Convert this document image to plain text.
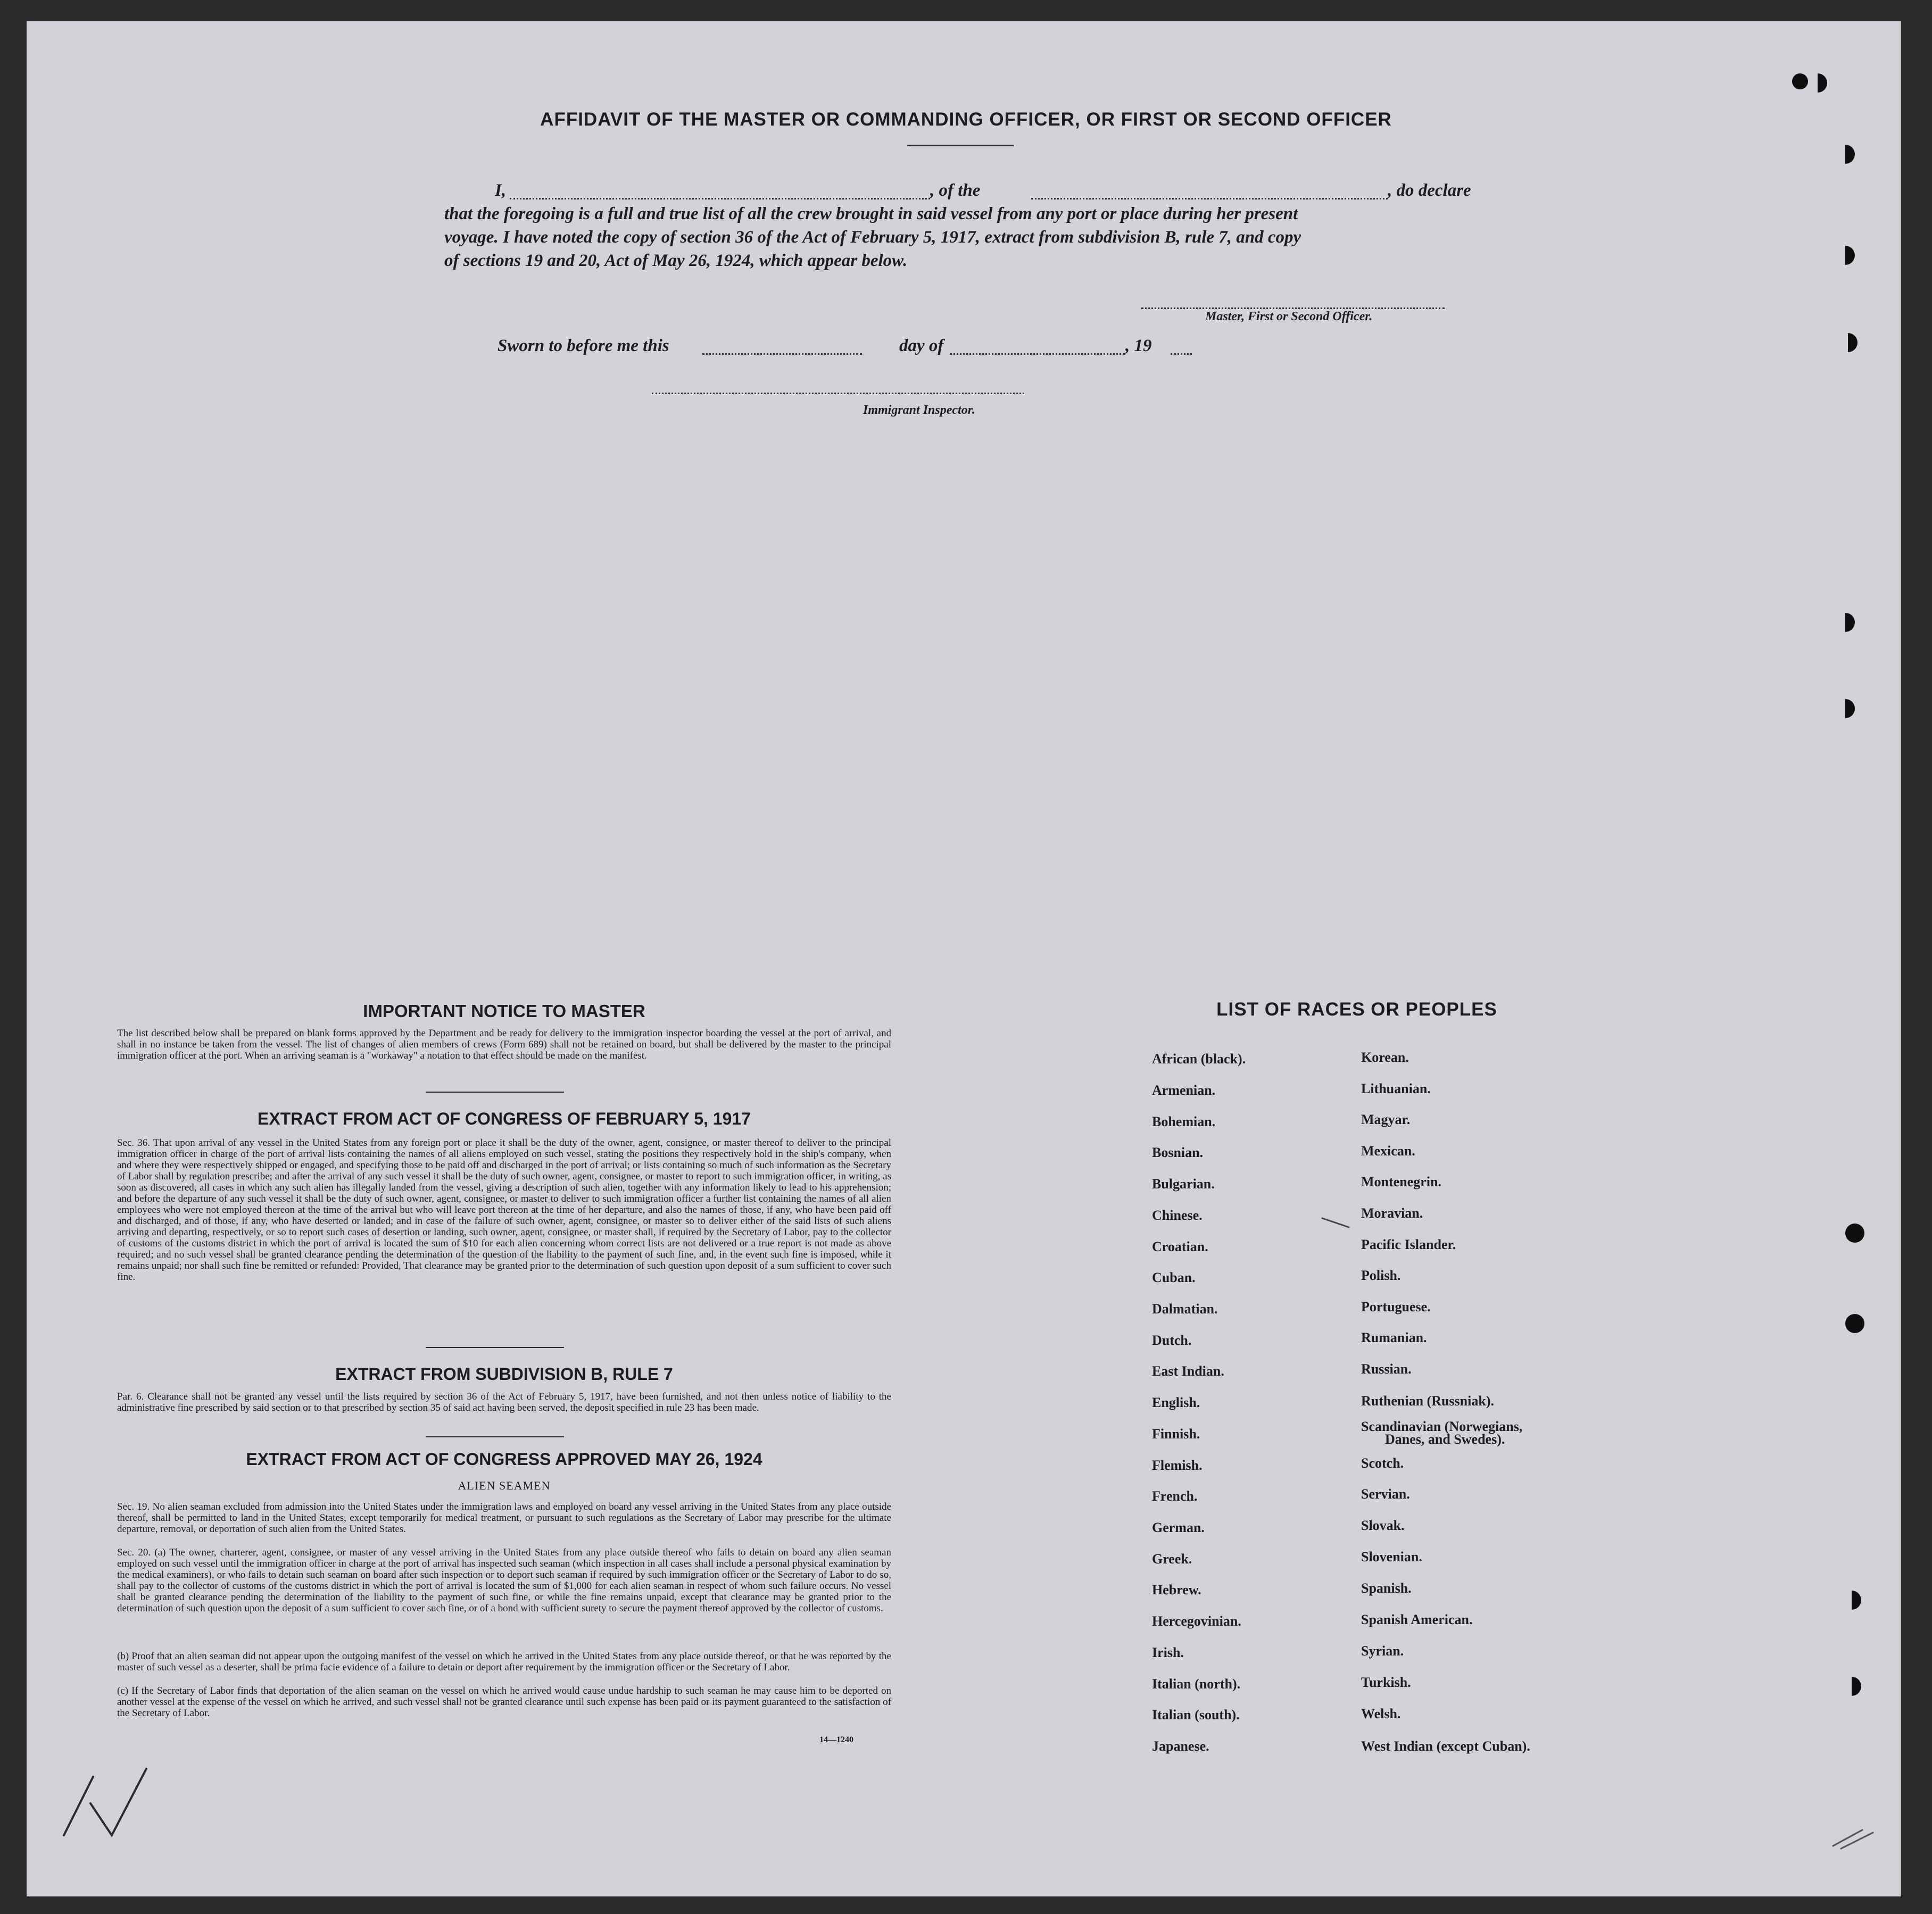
AFFIDAVIT OF THE MASTER OR COMMANDING OFFICER, OR FIRST OR SECOND OFFICER
I,	, of the	, do declare
that the foregoing is a full and true list of all the crew brought in said vessel from any port or place during her present
voyage. I have noted the copy of section 36 of the Act of February 5, 1917, extract from subdivision B, rule 7, and copy
of sections 19 and 20, Act of May 26, 1924, which appear below.
Master, First or Second Officer.
Sworn to before me this	day of	, 19
Immigrant Inspector.
IMPORTANT NOTICE TO MASTER
The list described below shall be prepared on blank forms approved by the Department and be ready for delivery to the immigration inspector boarding the vessel at the port of arrival, and shall in no instance be taken from the vessel. The list of changes of alien members of crews (Form 689) shall not be retained on board, but shall be delivered by the master to the principal immigration officer at the port. When an arriving seaman is a "workaway" a notation to that effect should be made on the manifest.
EXTRACT FROM ACT OF CONGRESS OF FEBRUARY 5, 1917
Sec. 36. That upon arrival of any vessel in the United States from any foreign port or place it shall be the duty of the owner, agent, consignee, or master thereof to deliver to the principal immigration officer in charge of the port of arrival lists containing the names of all aliens employed on such vessel, stating the positions they respectively hold in the ship's company, when and where they were respectively shipped or engaged, and specifying those to be paid off and discharged in the port of arrival; or lists containing so much of such information as the Secretary of Labor shall by regulation prescribe; and after the arrival of any such vessel it shall be the duty of such owner, agent, consignee, or master to report to such immigration officer, in writing, as soon as discovered, all cases in which any such alien has illegally landed from the vessel, giving a description of such alien, together with any information likely to lead to his apprehension; and before the departure of any such vessel it shall be the duty of such owner, agent, consignee, or master to deliver to such immigration officer a further list containing the names of all alien employees who were not employed thereon at the time of the arrival but who will leave port thereon at the time of her departure, and also the names of those, if any, who have been paid off and discharged, and of those, if any, who have deserted or landed; and in case of the failure of such owner, agent, consignee, or master so to deliver either of the said lists of such aliens arriving and departing, respectively, or so to report such cases of desertion or landing, such owner, agent, consignee, or master shall, if required by the Secretary of Labor, pay to the collector of customs of the customs district in which the port of arrival is located the sum of $10 for each alien concerning whom correct lists are not delivered or a true report is not made as above required; and no such vessel shall be granted clearance pending the determination of the question of the liability to the payment of such fine, and, in the event such fine is imposed, while it remains unpaid; nor shall such fine be remitted or refunded: Provided, That clearance may be granted prior to the determination of such question upon deposit of a sum sufficient to cover such fine.
EXTRACT FROM SUBDIVISION B, RULE 7
Par. 6. Clearance shall not be granted any vessel until the lists required by section 36 of the Act of February 5, 1917, have been furnished, and not then unless notice of liability to the administrative fine prescribed by said section or to that prescribed by section 35 of said act having been served, the deposit specified in rule 23 has been made.
EXTRACT FROM ACT OF CONGRESS APPROVED MAY 26, 1924
ALIEN SEAMEN
Sec. 19. No alien seaman excluded from admission into the United States under the immigration laws and employed on board any vessel arriving in the United States from any place outside thereof, shall be permitted to land in the United States, except temporarily for medical treatment, or pursuant to such regulations as the Secretary of Labor may prescribe for the ultimate departure, removal, or deportation of such alien from the United States.
Sec. 20. (a) The owner, charterer, agent, consignee, or master of any vessel arriving in the United States from any place outside thereof who fails to detain on board any alien seaman employed on such vessel until the immigration officer in charge at the port of arrival has inspected such seaman (which inspection in all cases shall include a personal physical examination by the medical examiners), or who fails to detain such seaman on board after such inspection or to deport such seaman if required by such immigration officer or the Secretary of Labor to do so, shall pay to the collector of customs of the customs district in which the port of arrival is located the sum of $1,000 for each alien seaman in respect of whom such failure occurs. No vessel shall be granted clearance pending the determination of the liability to the payment of such fine, or while the fine remains unpaid, except that clearance may be granted prior to the determination of such question upon the deposit of a sum sufficient to cover such fine, or of a bond with sufficient surety to secure the payment thereof approved by the collector of customs.
(b) Proof that an alien seaman did not appear upon the outgoing manifest of the vessel on which he arrived in the United States from any place outside thereof, or that he was reported by the master of such vessel as a deserter, shall be prima facie evidence of a failure to detain or deport after requirement by the immigration officer or the Secretary of Labor.
(c) If the Secretary of Labor finds that deportation of the alien seaman on the vessel on which he arrived would cause undue hardship to such seaman he may cause him to be deported on another vessel at the expense of the vessel on which he arrived, and such vessel shall not be granted clearance until such expense has been paid or its payment guaranteed to the satisfaction of the Secretary of Labor.
14—1240
LIST OF RACES OR PEOPLES
African (black).
Armenian.
Bohemian.
Bosnian.
Bulgarian.
Chinese.
Croatian.
Cuban.
Dalmatian.
Dutch.
East Indian.
English.
Finnish.
Flemish.
French.
German.
Greek.
Hebrew.
Hercegovinian.
Irish.
Italian (north).
Italian (south).
Japanese.
Korean.
Lithuanian.
Magyar.
Mexican.
Montenegrin.
Moravian.
Pacific Islander.
Polish.
Portuguese.
Rumanian.
Russian.
Ruthenian (Russniak).
Scandinavian (Norwegians,
Danes, and Swedes).
Scotch.
Servian.
Slovak.
Slovenian.
Spanish.
Spanish American.
Syrian.
Turkish.
Welsh.
West Indian (except Cuban).
